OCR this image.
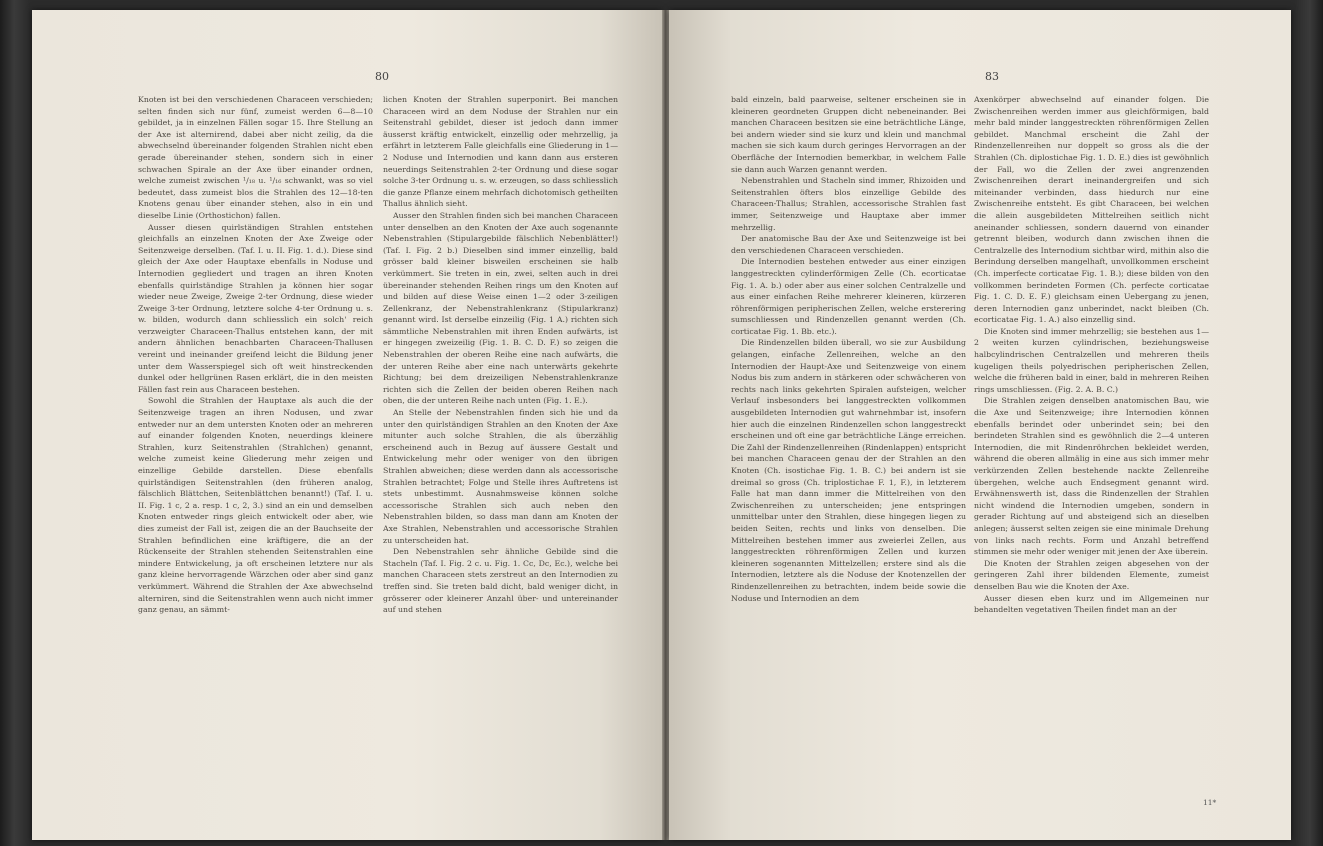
80

Knoten ist bei den verschiedenen Characeen verschieden; selten finden sich nur fünf, zumeist werden 6—8—10 gebildet, ja in einzelnen Fällen sogar 15. Ihre Stellung an der Axe ist alternirend, dabei aber nicht zeilig, da die abwechselnd übereinander folgenden Strahlen nicht eben gerade übereinander stehen, sondern sich in einer schwachen Spirale an der Axe über einander ordnen, welche zumeist zwischen ¹/₁₈ u. ¹/₁₆ schwankt, was so viel bedeutet, dass zumeist blos die Strahlen des 12—18-ten Knotens genau über einander stehen, also in ein und dieselbe Linie (Orthostichon) fallen.

Ausser diesen quirlständigen Strahlen entstehen gleichfalls an einzelnen Knoten der Axe Zweige oder Seitenzweige derselben. (Taf. I. u. II. Fig. 1. d.). Diese sind gleich der Axe oder Hauptaxe ebenfalls in Noduse und Internodien gegliedert und tragen an ihren Knoten ebenfalls quirlständige Strahlen ja können hier sogar wieder neue Zweige, Zweige 2-ter Ordnung, diese wieder Zweige 3-ter Ordnung, letztere solche 4-ter Ordnung u. s. w. bilden, wodurch dann schliesslich ein solch' reich verzweigter Characeen-Thallus entstehen kann, der mit andern ähnlichen benachbarten Characeen-Thallusen vereint und ineinander greifend leicht die Bildung jener unter dem Wasserspiegel sich oft weit hinstreckenden dunkel oder hellgrünen Rasen erklärt, die in den meisten Fällen fast rein aus Characeen bestehen.

Sowohl die Strahlen der Hauptaxe als auch die der Seitenzweige tragen an ihren Nodusen, und zwar entweder nur an dem untersten Knoten oder an mehreren auf einander folgenden Knoten, neuerdings kleinere Strahlen, kurz Seitenstrahlen (Strahlchen) genannt, welche zumeist keine Gliederung mehr zeigen und einzellige Gebilde darstellen. Diese ebenfalls quirlständigen Seitenstrahlen (den früheren analog, fälschlich Blättchen, Seitenblättchen benannt!) (Taf. I. u. II. Fig. 1 c, 2 a. resp. 1 c, 2, 3.) sind an ein und demselben Knoten entweder rings gleich entwickelt oder aber, wie dies zumeist der Fall ist, zeigen die an der Bauchseite der Strahlen befindlichen eine kräftigere, die an der Rückenseite der Strahlen stehenden Seitenstrahlen eine mindere Entwickelung, ja oft erscheinen letztere nur als ganz kleine hervorragende Wärzchen oder aber sind ganz verkümmert. Während die Strahlen der Axe abwechselnd alterniren, sind die Seitenstrahlen wenn auch nicht immer ganz genau, an sämmt-

lichen Knoten der Strahlen superponirt. Bei manchen Characeen wird an dem Noduse der Strahlen nur ein Seitenstrahl gebildet, dieser ist jedoch dann immer äusserst kräftig entwickelt, einzellig oder mehrzellig, ja erfährt in letzterem Falle gleichfalls eine Gliederung in 1—2 Noduse und Internodien und kann dann aus ersteren neuerdings Seitenstrahlen 2-ter Ordnung und diese sogar solche 3-ter Ordnung u. s. w. erzeugen, so dass schliesslich die ganze Pflanze einem mehrfach dichotomisch getheilten Thallus ähnlich sieht.

Ausser den Strahlen finden sich bei manchen Characeen unter denselben an den Knoten der Axe auch sogenannte Nebenstrahlen (Stipulargebilde fälschlich Nebenblätter!) (Taf. I. Fig. 2 b.) Dieselben sind immer einzellig, bald grösser bald kleiner bisweilen erscheinen sie halb verkümmert. Sie treten in ein, zwei, selten auch in drei übereinander stehenden Reihen rings um den Knoten auf und bilden auf diese Weise einen 1—2 oder 3-zeiligen Zellenkranz, der Nebenstrahlenkranz (Stipularkranz) genannt wird. Ist derselbe einzeilig (Fig. 1 A.) richten sich sämmtliche Nebenstrahlen mit ihren Enden aufwärts, ist er hingegen zweizeilig (Fig. 1. B. C. D. F.) so zeigen die Nebenstrahlen der oberen Reihe eine nach aufwärts, die der unteren Reihe aber eine nach unterwärts gekehrte Richtung; bei dem dreizeiligen Nebenstrahlenkranze richten sich die Zellen der beiden oberen Reihen nach oben, die der unteren Reihe nach unten (Fig. 1. E.).

An Stelle der Nebenstrahlen finden sich hie und da unter den quirlständigen Strahlen an den Knoten der Axe mitunter auch solche Strahlen, die als überzählig erscheinend auch in Bezug auf äussere Gestalt und Entwickelung mehr oder weniger von den übrigen Strahlen abweichen; diese werden dann als accessorische Strahlen betrachtet; Folge und Stelle ihres Auftretens ist stets unbestimmt. Ausnahmsweise können solche accessorische Strahlen sich auch neben den Nebenstrahlen bilden, so dass man dann am Knoten der Axe Strahlen, Nebenstrahlen und accessorische Strahlen zu unterscheiden hat.

Den Nebenstrahlen sehr ähnliche Gebilde sind die Stacheln (Taf. I. Fig. 2 c. u. Fig. 1. Cc, Dc, Ec.), welche bei manchen Characeen stets zerstreut an den Internodien zu treffen sind. Sie treten bald dicht, bald weniger dicht, in grösserer oder kleinerer Anzahl über- und untereinander auf und stehen

83

bald einzeln, bald paarweise, seltener erscheinen sie in kleineren geordneten Gruppen dicht nebeneinander. Bei manchen Characeen besitzen sie eine beträchtliche Länge, bei andern wieder sind sie kurz und klein und manchmal machen sie sich kaum durch geringes Hervorragen an der Oberfläche der Internodien bemerkbar, in welchem Falle sie dann auch Warzen genannt werden.

Nebenstrahlen und Stacheln sind immer, Rhizoiden und Seitenstrahlen öfters blos einzellige Gebilde des Characeen-Thallus; Strahlen, accessorische Strahlen fast immer, Seitenzweige und Hauptaxe aber immer mehrzellig.

Der anatomische Bau der Axe und Seitenzweige ist bei den verschiedenen Characeen verschieden.

Die Internodien bestehen entweder aus einer einzigen langgestreckten cylinderförmigen Zelle (Ch. ecorticatae Fig. 1. A. b.) oder aber aus einer solchen Centralzelle und aus einer einfachen Reihe mehrerer kleineren, kürzeren röhrenförmigen peripherischen Zellen, welche ersterering sumschliessen und Rindenzellen genannt werden (Ch. corticatae Fig. 1. Bb. etc.).

Die Rindenzellen bilden überall, wo sie zur Ausbildung gelangen, einfache Zellenreihen, welche an den Internodien der Haupt-Axe und Seitenzweige von einem Nodus bis zum andern in stärkeren oder schwächeren von rechts nach links gekehrten Spiralen aufsteigen, welcher Verlauf insbesonders bei langgestreckten vollkommen ausgebildeten Internodien gut wahrnehmbar ist, insofern hier auch die einzelnen Rindenzellen schon langgestreckt erscheinen und oft eine gar beträchtliche Länge erreichen. Die Zahl der Rindenzellenreihen (Rindenlappen) entspricht bei manchen Characeen genau der der Strahlen an den Knoten (Ch. isostichae Fig. 1. B. C.) bei andern ist sie dreimal so gross (Ch. triplostichae F. 1, F.), in letzterem Falle hat man dann immer die Mittelreihen von den Zwischenreihen zu unterscheiden; jene entspringen unmittelbar unter den Strahlen, diese hingegen liegen zu beiden Seiten, rechts und links von denselben. Die Mittelreihen bestehen immer aus zweierlei Zellen, aus langgestreckten röhrenförmigen Zellen und kurzen kleineren sogenannten Mittelzellen; erstere sind als die Internodien, letztere als die Noduse der Knotenzellen der Rindenzellenreihen zu betrachten, indem beide sowie die Noduse und Internodien an dem

Axenkörper abwechselnd auf einander folgen. Die Zwischenreihen werden immer aus gleichförmigen, bald mehr bald minder langgestreckten röhrenförmigen Zellen gebildet. Manchmal erscheint die Zahl der Rindenzellenreihen nur doppelt so gross als die der Strahlen (Ch. diplostichae Fig. 1. D. E.) dies ist gewöhnlich der Fall, wo die Zellen der zwei angrenzenden Zwischenreihen derart ineinandergreifen und sich miteinander verbinden, dass hiedurch nur eine Zwischenreihe entsteht. Es gibt Characeen, bei welchen die allein ausgebildeten Mittelreihen seitlich nicht aneinander schliessen, sondern dauernd von einander getrennt bleiben, wodurch dann zwischen ihnen die Centralzelle des Internodium sichtbar wird, mithin also die Berindung derselben mangelhaft, unvollkommen erscheint (Ch. imperfecte corticatae Fig. 1. B.); diese bilden von den vollkommen berindeten Formen (Ch. perfecte corticatae Fig. 1. C. D. E. F.) gleichsam einen Uebergang zu jenen, deren Internodien ganz unberindet, nackt bleiben (Ch. ecorticatae Fig. 1. A.) also einzellig sind.

Die Knoten sind immer mehrzellig; sie bestehen aus 1—2 weiten kurzen cylindrischen, beziehungsweise halbcylindrischen Centralzellen und mehreren theils kugeligen theils polyedrischen peripherischen Zellen, welche die früheren bald in einer, bald in mehreren Reihen rings umschliessen. (Fig. 2. A. B. C.)

Die Strahlen zeigen denselben anatomischen Bau, wie die Axe und Seitenzweige; ihre Internodien können ebenfalls berindet oder unberindet sein; bei den berindeten Strahlen sind es gewöhnlich die 2—4 unteren Internodien, die mit Rindenröhrchen bekleidet werden, während die oberen allmälig in eine aus sich immer mehr verkürzenden Zellen bestehende nackte Zellenreihe übergehen, welche auch Endsegment genannt wird. Erwähnenswerth ist, dass die Rindenzellen der Strahlen nicht windend die Internodien umgeben, sondern in gerader Richtung auf und absteigend sich an dieselben anlegen; äusserst selten zeigen sie eine minimale Drehung von links nach rechts. Form und Anzahl betreffend stimmen sie mehr oder weniger mit jenen der Axe überein.

Die Knoten der Strahlen zeigen abgesehen von der geringeren Zahl ihrer bildenden Elemente, zumeist denselben Bau wie die Knoten der Axe.

Ausser diesen eben kurz und im Allgemeinen nur behandelten vegetativen Theilen findet man an der

11*
